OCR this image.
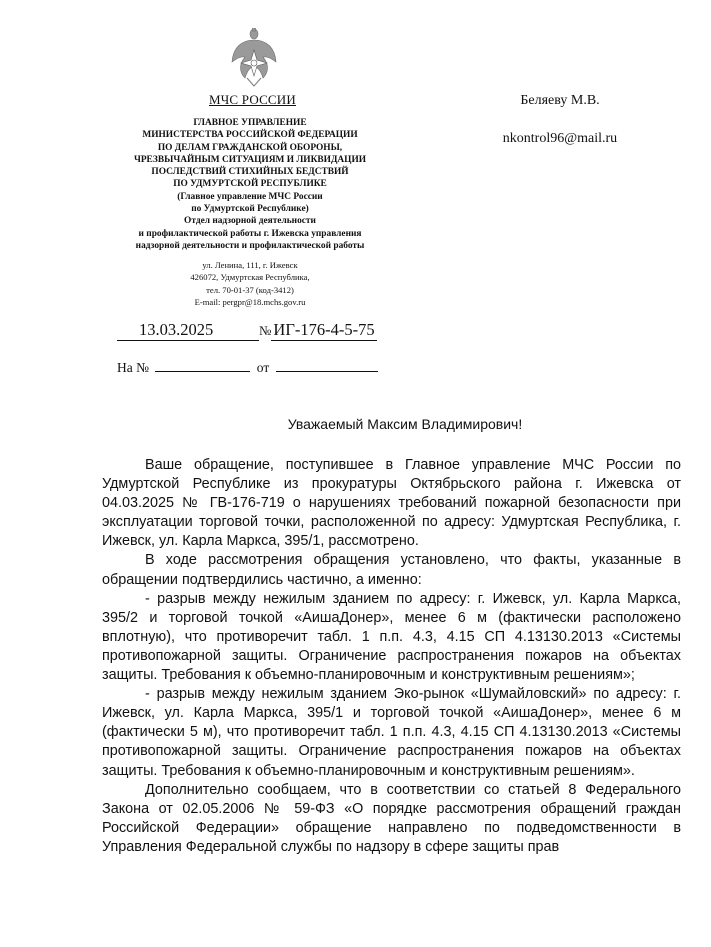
МЧС РОССИИ
ГЛАВНОЕ УПРАВЛЕНИЕ
МИНИСТЕРСТВА РОССИЙСКОЙ ФЕДЕРАЦИИ
ПО ДЕЛАМ ГРАЖДАНСКОЙ ОБОРОНЫ,
ЧРЕЗВЫЧАЙНЫМ СИТУАЦИЯМ И ЛИКВИДАЦИИ
ПОСЛЕДСТВИЙ СТИХИЙНЫХ БЕДСТВИЙ
ПО УДМУРТСКОЙ РЕСПУБЛИКЕ
(Главное управление МЧС России
по Удмуртской Республике)
Отдел надзорной деятельности
и профилактической работы г. Ижевска управления
надзорной деятельности и профилактической работы
ул. Ленина, 111, г. Ижевск
426072, Удмуртская Республика,
тел. 70-01-37 (код-3412)
E-mail: pergpr@18.mchs.gov.ru
Беляеву М.В.
nkontrol96@mail.ru
13.03.2025	№ ИГ-176-4-5-75
На №	от
Уважаемый Максим Владимирович!

Ваше обращение, поступившее в Главное управление МЧС России по Удмуртской Республике из прокуратуры Октябрьского района г. Ижевска от 04.03.2025 № ГВ-176-719 о нарушениях требований пожарной безопасности при эксплуатации торговой точки, расположенной по адресу: Удмуртская Республика, г. Ижевск, ул. Карла Маркса, 395/1, рассмотрено.

В ходе рассмотрения обращения установлено, что факты, указанные в обращении подтвердились частично, а именно:

- разрыв между нежилым зданием по адресу: г. Ижевск, ул. Карла Маркса, 395/2 и торговой точкой «АишаДонер», менее 6 м (фактически расположено вплотную), что противоречит табл. 1 п.п. 4.3, 4.15 СП 4.13130.2013 «Системы противопожарной защиты. Ограничение распространения пожаров на объектах защиты. Требования к объемно-планировочным и конструктивным решениям»;

- разрыв между нежилым зданием Эко-рынок «Шумайловский» по адресу: г. Ижевск, ул. Карла Маркса, 395/1 и торговой точкой «АишаДонер», менее 6 м (фактически 5 м), что противоречит табл. 1 п.п. 4.3, 4.15 СП 4.13130.2013 «Системы противопожарной защиты. Ограничение распространения пожаров на объектах защиты. Требования к объемно-планировочным и конструктивным решениям».

Дополнительно сообщаем, что в соответствии со статьей 8 Федерального Закона от 02.05.2006 № 59-ФЗ «О порядке рассмотрения обращений граждан Российской Федерации» обращение направлено по подведомственности в Управления Федеральной службы по надзору в сфере защиты прав
